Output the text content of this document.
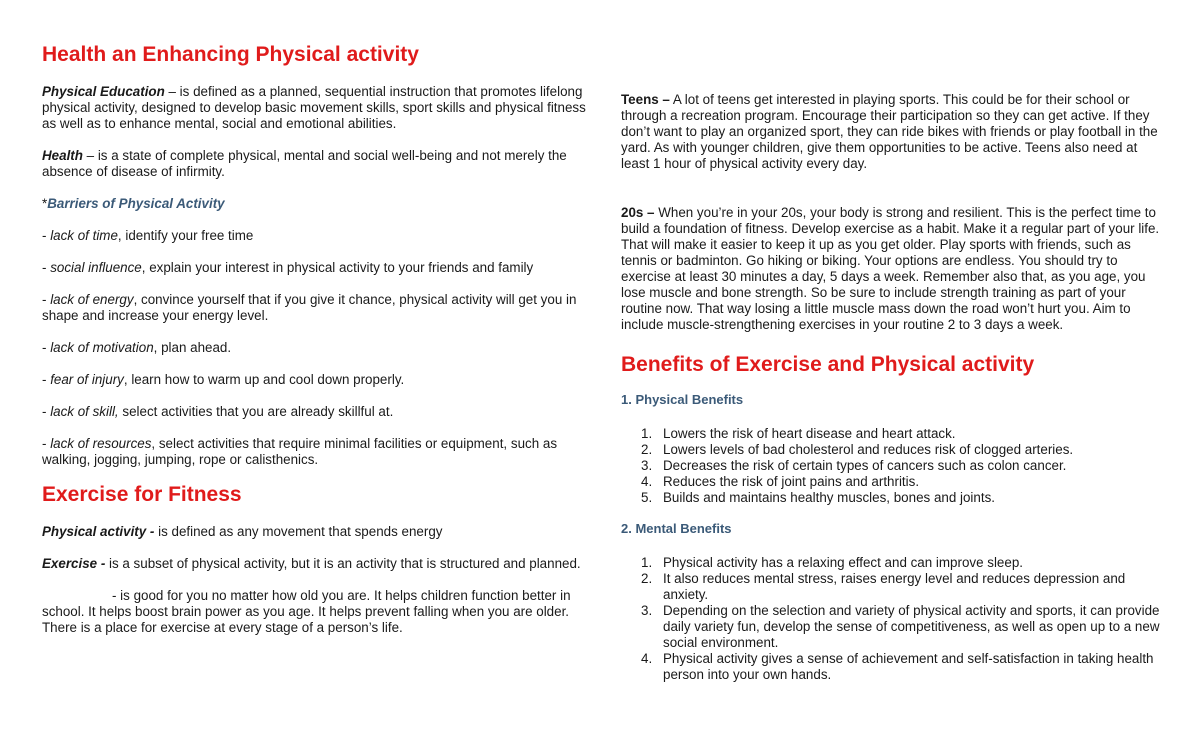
Health an Enhancing Physical activity

Physical Education – is defined as a planned, sequential instruction that promotes lifelong physical activity, designed to develop basic movement skills, sport skills and physical fitness as well as to enhance mental, social and emotional abilities.

Health – is a state of complete physical, mental and social well-being and not merely the absence of disease of infirmity.

*Barriers of Physical Activity

- lack of time, identify your free time

- social influence, explain your interest in physical activity to your friends and family

- lack of energy, convince yourself that if you give it chance, physical activity will get you in shape and increase your energy level.

- lack of motivation, plan ahead.

- fear of injury, learn how to warm up and cool down properly.

- lack of skill, select activities that you are already skillful at.

- lack of resources, select activities that require minimal facilities or equipment, such as walking, jogging, jumping, rope or calisthenics.

Exercise for Fitness

Physical activity - is defined as any movement that spends energy

Exercise - is a subset of physical activity, but it is an activity that is structured and planned.

- is good for you no matter how old you are. It helps children function better in school. It helps boost brain power as you age. It helps prevent falling when you are older. There is a place for exercise at every stage of a person’s life.

Teens – A lot of teens get interested in playing sports. This could be for their school or through a recreation program. Encourage their participation so they can get active. If they don’t want to play an organized sport, they can ride bikes with friends or play football in the yard. As with younger children, give them opportunities to be active. Teens also need at least 1 hour of physical activity every day.

20s – When you’re in your 20s, your body is strong and resilient. This is the perfect time to build a foundation of fitness. Develop exercise as a habit. Make it a regular part of your life. That will make it easier to keep it up as you get older. Play sports with friends, such as tennis or badminton. Go hiking or biking. Your options are endless. You should try to exercise at least 30 minutes a day, 5 days a week. Remember also that, as you age, you lose muscle and bone strength. So be sure to include strength training as part of your routine now. That way losing a little muscle mass down the road won’t hurt you. Aim to include muscle-strengthening exercises in your routine 2 to 3 days a week.

Benefits of Exercise and Physical activity

1. Physical Benefits

1. Lowers the risk of heart disease and heart attack.
2. Lowers levels of bad cholesterol and reduces risk of clogged arteries.
3. Decreases the risk of certain types of cancers such as colon cancer.
4. Reduces the risk of joint pains and arthritis.
5. Builds and maintains healthy muscles, bones and joints.

2. Mental Benefits

1. Physical activity has a relaxing effect and can improve sleep.
2. It also reduces mental stress, raises energy level and reduces depression and anxiety.
3. Depending on the selection and variety of physical activity and sports, it can provide daily variety fun, develop the sense of competitiveness, as well as open up to a new social environment.
4. Physical activity gives a sense of achievement and self-satisfaction in taking health person into your own hands.
